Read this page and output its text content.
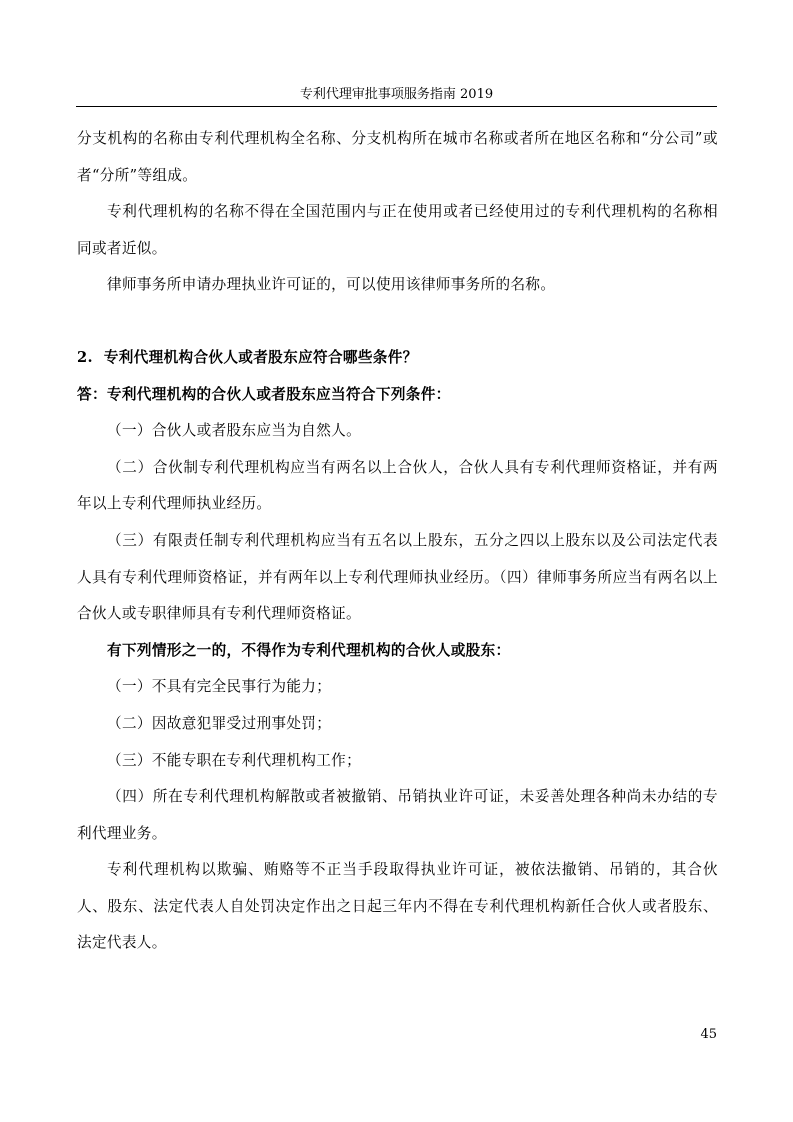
专利代理审批事项服务指南 2019

分支机构的名称由专利代理机构全名称、分支机构所在城市名称或者所在地区名称和“分公司”或者“分所”等组成。

专利代理机构的名称不得在全国范围内与正在使用或者已经使用过的专利代理机构的名称相同或者近似。

律师事务所申请办理执业许可证的，可以使用该律师事务所的名称。

2.  专利代理机构合伙人或者股东应符合哪些条件？

答：专利代理机构的合伙人或者股东应当符合下列条件：

（一）合伙人或者股东应当为自然人。

（二）合伙制专利代理机构应当有两名以上合伙人，合伙人具有专利代理师资格证，并有两年以上专利代理师执业经历。

（三）有限责任制专利代理机构应当有五名以上股东，五分之四以上股东以及公司法定代表人具有专利代理师资格证，并有两年以上专利代理师执业经历。（四）律师事务所应当有两名以上合伙人或专职律师具有专利代理师资格证。

有下列情形之一的，不得作为专利代理机构的合伙人或股东：

（一）不具有完全民事行为能力；

（二）因故意犯罪受过刑事处罚；

（三）不能专职在专利代理机构工作；

（四）所在专利代理机构解散或者被撤销、吊销执业许可证，未妥善处理各种尚未办结的专利代理业务。

专利代理机构以欺骗、贿赂等不正当手段取得执业许可证，被依法撤销、吊销的，其合伙人、股东、法定代表人自处罚决定作出之日起三年内不得在专利代理机构新任合伙人或者股东、法定代表人。

45
